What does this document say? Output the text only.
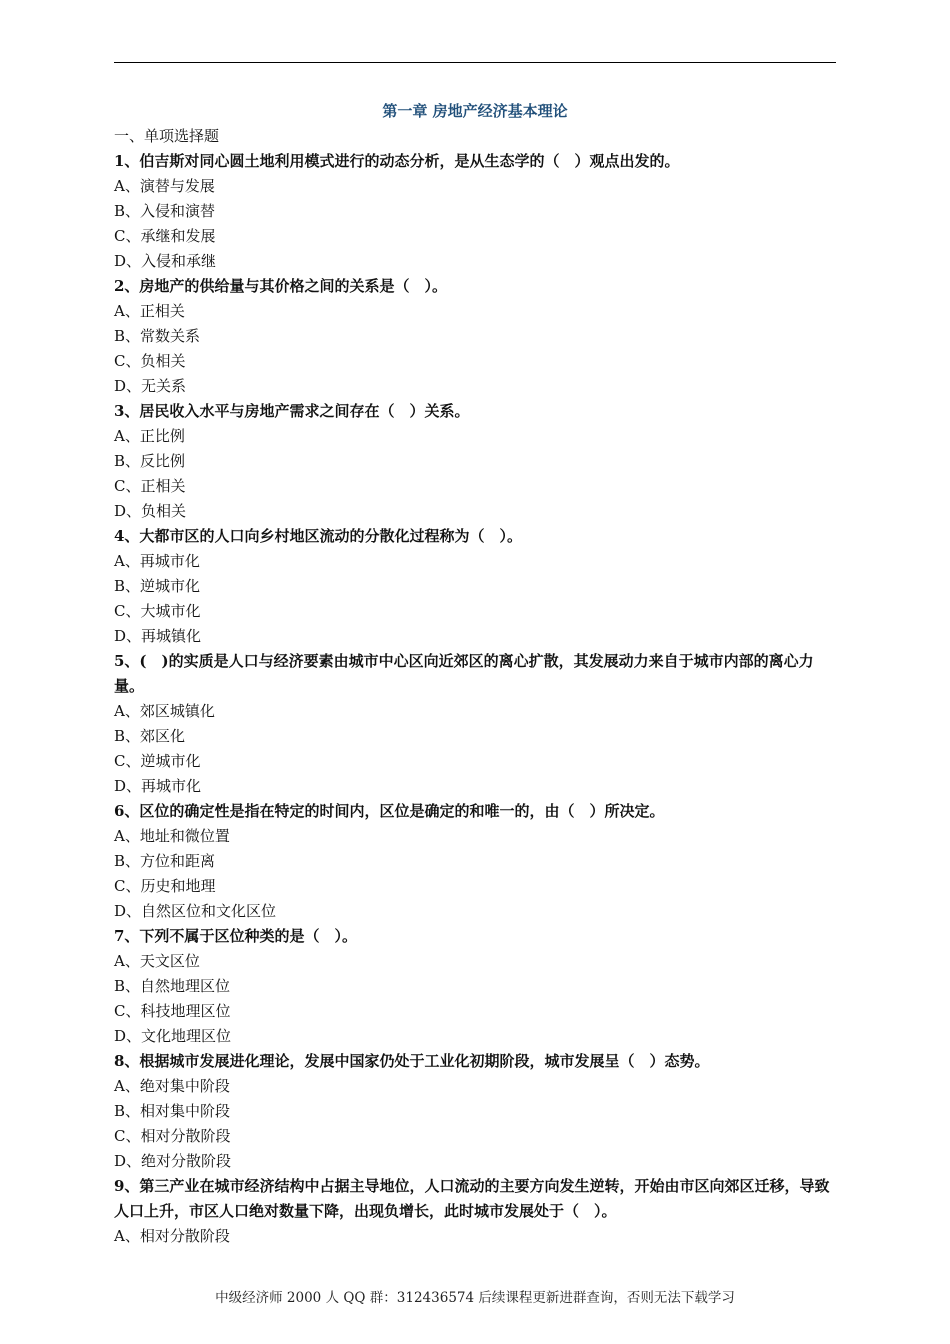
第一章 房地产经济基本理论
一、单项选择题
1、伯吉斯对同心圆土地利用模式进行的动态分析，是从生态学的（　）观点出发的。
A、演替与发展
B、入侵和演替
C、承继和发展
D、入侵和承继
2、房地产的供给量与其价格之间的关系是（　）。
A、正相关
B、常数关系
C、负相关
D、无关系
3、居民收入水平与房地产需求之间存在（　）关系。
A、正比例
B、反比例
C、正相关
D、负相关
4、大都市区的人口向乡村地区流动的分散化过程称为（　）。
A、再城市化
B、逆城市化
C、大城市化
D、再城镇化
5、(　)的实质是人口与经济要素由城市中心区向近郊区的离心扩散，其发展动力来自于城市内部的离心力量。
A、郊区城镇化
B、郊区化
C、逆城市化
D、再城市化
6、区位的确定性是指在特定的时间内，区位是确定的和唯一的，由（　）所决定。
A、地址和微位置
B、方位和距离
C、历史和地理
D、自然区位和文化区位
7、下列不属于区位种类的是（　）。
A、天文区位
B、自然地理区位
C、科技地理区位
D、文化地理区位
8、根据城市发展进化理论，发展中国家仍处于工业化初期阶段，城市发展呈（　）态势。
A、绝对集中阶段
B、相对集中阶段
C、相对分散阶段
D、绝对分散阶段
9、第三产业在城市经济结构中占据主导地位，人口流动的主要方向发生逆转，开始由市区向郊区迁移，导致人口上升，市区人口绝对数量下降，出现负增长，此时城市发展处于（　）。
A、相对分散阶段
中级经济师 2000 人 QQ 群：312436574 后续课程更新进群查询，否则无法下载学习
